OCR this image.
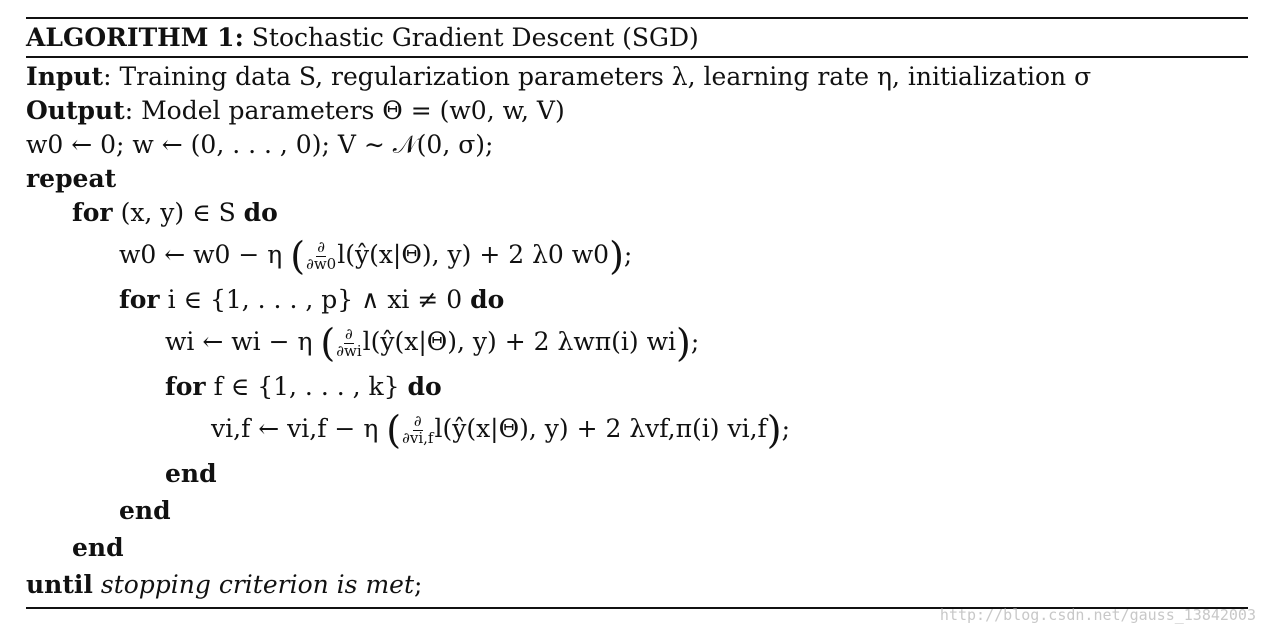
ALGORITHM 1: Stochastic Gradient Descent (SGD)
Input: Training data S, regularization parameters λ, learning rate η, initialization σ
Output: Model parameters Θ = (w0, w, V)
w0 ← 0; w ← (0, . . . , 0); V ∼ 𝒩(0, σ);
repeat
for (x, y) ∈ S do
w0 ← w0 − η ( $\frac{\partial}{\partial w0}$ l(ŷ(x|Θ), y) + 2 λ0 w0);
for i ∈ {1, . . . , p} ∧ xi ≠ 0 do
wi ← wi − η ( $\frac{\partial}{\partial wi}$ l(ŷ(x|Θ), y) + 2 λwπ(i) wi);
for f ∈ {1, . . . , k} do
vi,f ← vi,f − η ( $\frac{\partial}{\partial vi,f}$ l(ŷ(x|Θ), y) + 2 λvf,π(i) vi,f);
end
end
end
until stopping criterion is met;
http://blog.csdn.net/gauss_13842003
